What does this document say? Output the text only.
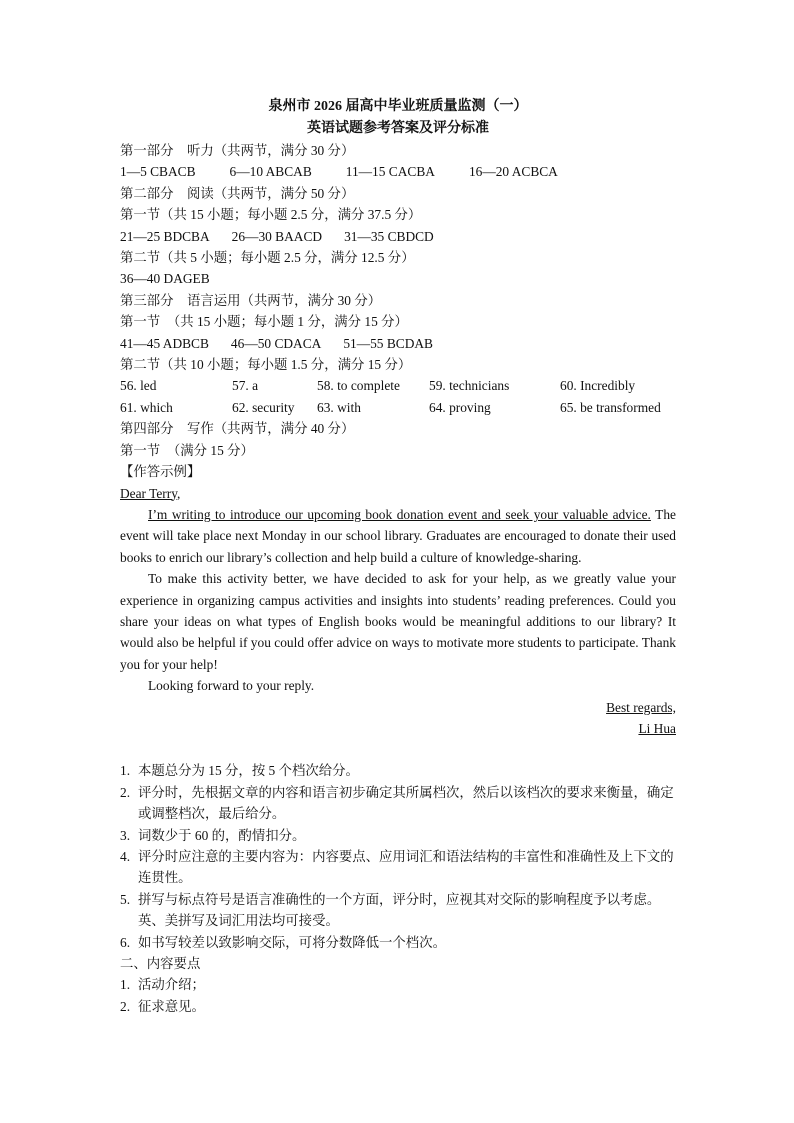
泉州市 2026 届高中毕业班质量监测（一）
英语试题参考答案及评分标准
第一部分　听力（共两节，满分 30 分）
1—5 CBACB	6—10 ABCAB	11—15 CACBA	16—20 ACBCA
第二部分　阅读（共两节，满分 50 分）
第一节（共 15 小题；每小题 2.5 分，满分 37.5 分）
21—25 BDCBA 26—30 BAACD 31—35 CBDCD
第二节（共 5 小题；每小题 2.5 分，满分 12.5 分）
36—40 DAGEB
第三部分　语言运用（共两节，满分 30 分）
第一节　（共 15 小题；每小题 1 分，满分 15 分）
41—45 ADBCB 46—50 CDACA 51—55 BCDAB
第二节（共 10 小题；每小题 1.5 分，满分 15 分）
56. led	57. a	58. to complete	59. technicians	60. Incredibly
61. which	62. security	63. with	64. proving	65. be transformed
第四部分　写作（共两节，满分 40 分）
第一节　（满分 15 分）
【作答示例】
Dear Terry,
I’m writing to introduce our upcoming book donation event and seek your valuable advice. The event will take place next Monday in our school library. Graduates are encouraged to donate their used books to enrich our library’s collection and help build a culture of knowledge-sharing.
To make this activity better, we have decided to ask for your help, as we greatly value your experience in organizing campus activities and insights into students’ reading preferences. Could you share your ideas on what types of English books would be meaningful additions to our library? It would also be helpful if you could offer advice on ways to motivate more students to participate. Thank you for your help!
Looking forward to your reply.
Best regards,
Li Hua
1. 本题总分为 15 分，按 5 个档次给分。
2. 评分时，先根据文章的内容和语言初步确定其所属档次，然后以该档次的要求来衡量，确定或调整档次，最后给分。
3. 词数少于 60 的，酌情扣分。
4. 评分时应注意的主要内容为：内容要点、应用词汇和语法结构的丰富性和准确性及上下文的连贯性。
5. 拼写与标点符号是语言准确性的一个方面，评分时，应视其对交际的影响程度予以考虑。英、美拼写及词汇用法均可接受。
6. 如书写较差以致影响交际，可将分数降低一个档次。
二、内容要点
1. 活动介绍；
2. 征求意见。
